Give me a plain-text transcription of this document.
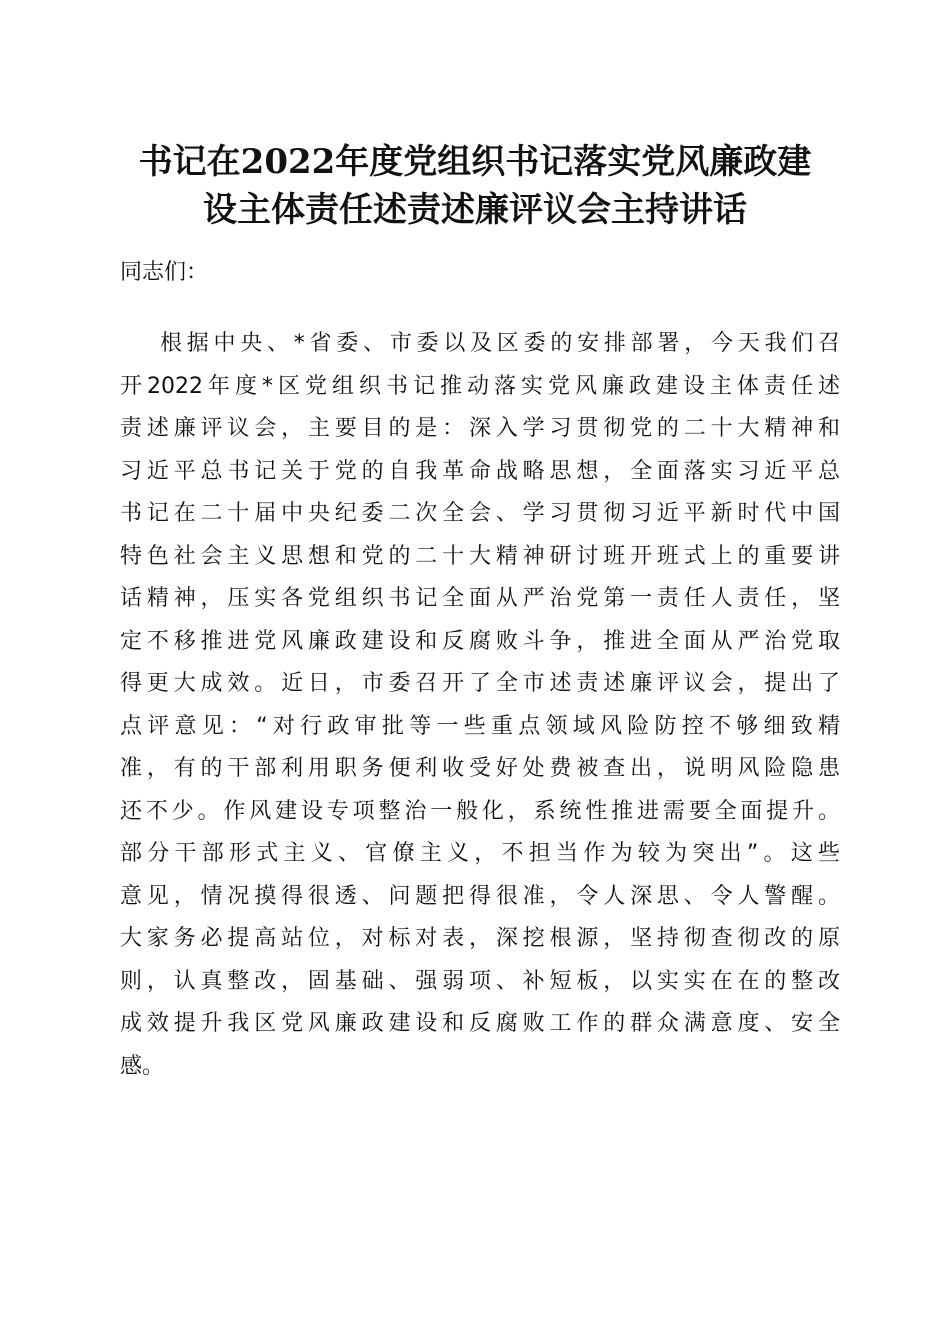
书记在2022年度党组织书记落实党风廉政建
设主体责任述责述廉评议会主持讲话

同志们：

根据中央、*省委、市委以及区委的安排部署，今天我们召
开2022年度*区党组织书记推动落实党风廉政建设主体责任述
责述廉评议会，主要目的是：深入学习贯彻党的二十大精神和
习近平总书记关于党的自我革命战略思想，全面落实习近平总
书记在二十届中央纪委二次全会、学习贯彻习近平新时代中国
特色社会主义思想和党的二十大精神研讨班开班式上的重要讲
话精神，压实各党组织书记全面从严治党第一责任人责任，坚
定不移推进党风廉政建设和反腐败斗争，推进全面从严治党取
得更大成效。近日，市委召开了全市述责述廉评议会，提出了
点评意见：“对行政审批等一些重点领域风险防控不够细致精
准，有的干部利用职务便利收受好处费被查出，说明风险隐患
还不少。作风建设专项整治一般化，系统性推进需要全面提升。
部分干部形式主义、官僚主义，不担当作为较为突出”。这些
意见，情况摸得很透、问题把得很准，令人深思、令人警醒。
大家务必提高站位，对标对表，深挖根源，坚持彻查彻改的原
则，认真整改，固基础、强弱项、补短板，以实实在在的整改
成效提升我区党风廉政建设和反腐败工作的群众满意度、安全
感。
